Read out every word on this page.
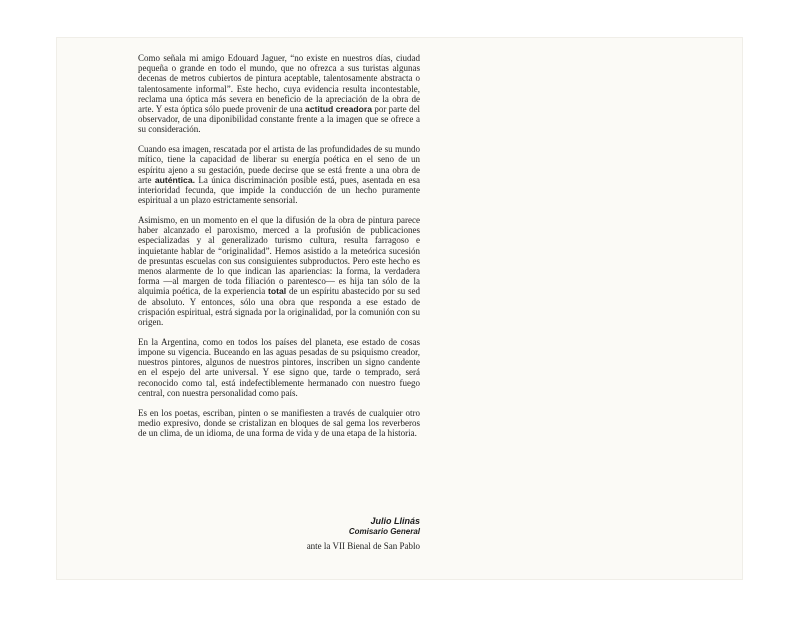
Como señala mi amigo Edouard Jaguer, “no existe en nuestros días, ciudad pequeña o grande en todo el mundo, que no ofrezca a sus turistas algunas decenas de metros cubiertos de pintura aceptable, talentosamente abstracta o talentosamente informal”. Este hecho, cuya evidencia resulta incontestable, reclama una óptica más severa en beneficio de la apreciación de la obra de arte. Y esta óptica sólo puede provenir de una actitud creadora por parte del observador, de una diponibilidad constante frente a la imagen que se ofrece a su consideración.

Cuando esa imagen, rescatada por el artista de las profundidades de su mundo mítico, tiene la capacidad de liberar su energía poética en el seno de un espíritu ajeno a su gestación, puede decirse que se está frente a una obra de arte auténtica. La única discriminación posible está, pues, asentada en esa interioridad fecunda, que impide la conducción de un hecho puramente espiritual a un plazo estrictamente sensorial.

Asimismo, en un momento en el que la difusión de la obra de pintura parece haber alcanzado el paroxismo, merced a la profusión de publicaciones especializadas y al generalizado turismo cultura, resulta farragoso e inquietante hablar de “originalidad”. Hemos asistido a la meteórica sucesión de presuntas escuelas con sus consiguientes subproductos. Pero este hecho es menos alarmente de lo que indican las apariencias: la forma, la verdadera forma —al margen de toda filiación o parentesco— es hija tan sólo de la alquimia poética, de la experiencia total de un espíritu abastecido por su sed de absoluto. Y entonces, sólo una obra que responda a ese estado de crispación espiritual, estrá signada por la originalidad, por la comunión con su origen.

En la Argentina, como en todos los países del planeta, ese estado de cosas impone su vigencia. Buceando en las aguas pesadas de su psiquismo creador, nuestros pintores, algunos de nuestros pintores, inscriben un signo candente en el espejo del arte universal. Y ese signo que, tarde o temprado, será reconocido como tal, está indefectiblemente hermanado con nuestro fuego central, con nuestra personalidad como país.

Es en los poetas, escriban, pinten o se manifiesten a través de cualquier otro medio expresivo, donde se cristalizan en bloques de sal gema los reverberos de un clima, de un idioma, de una forma de vida y de una etapa de la historia.

Julio Llinás
Comisario General
ante la VII Bienal de San Pablo
